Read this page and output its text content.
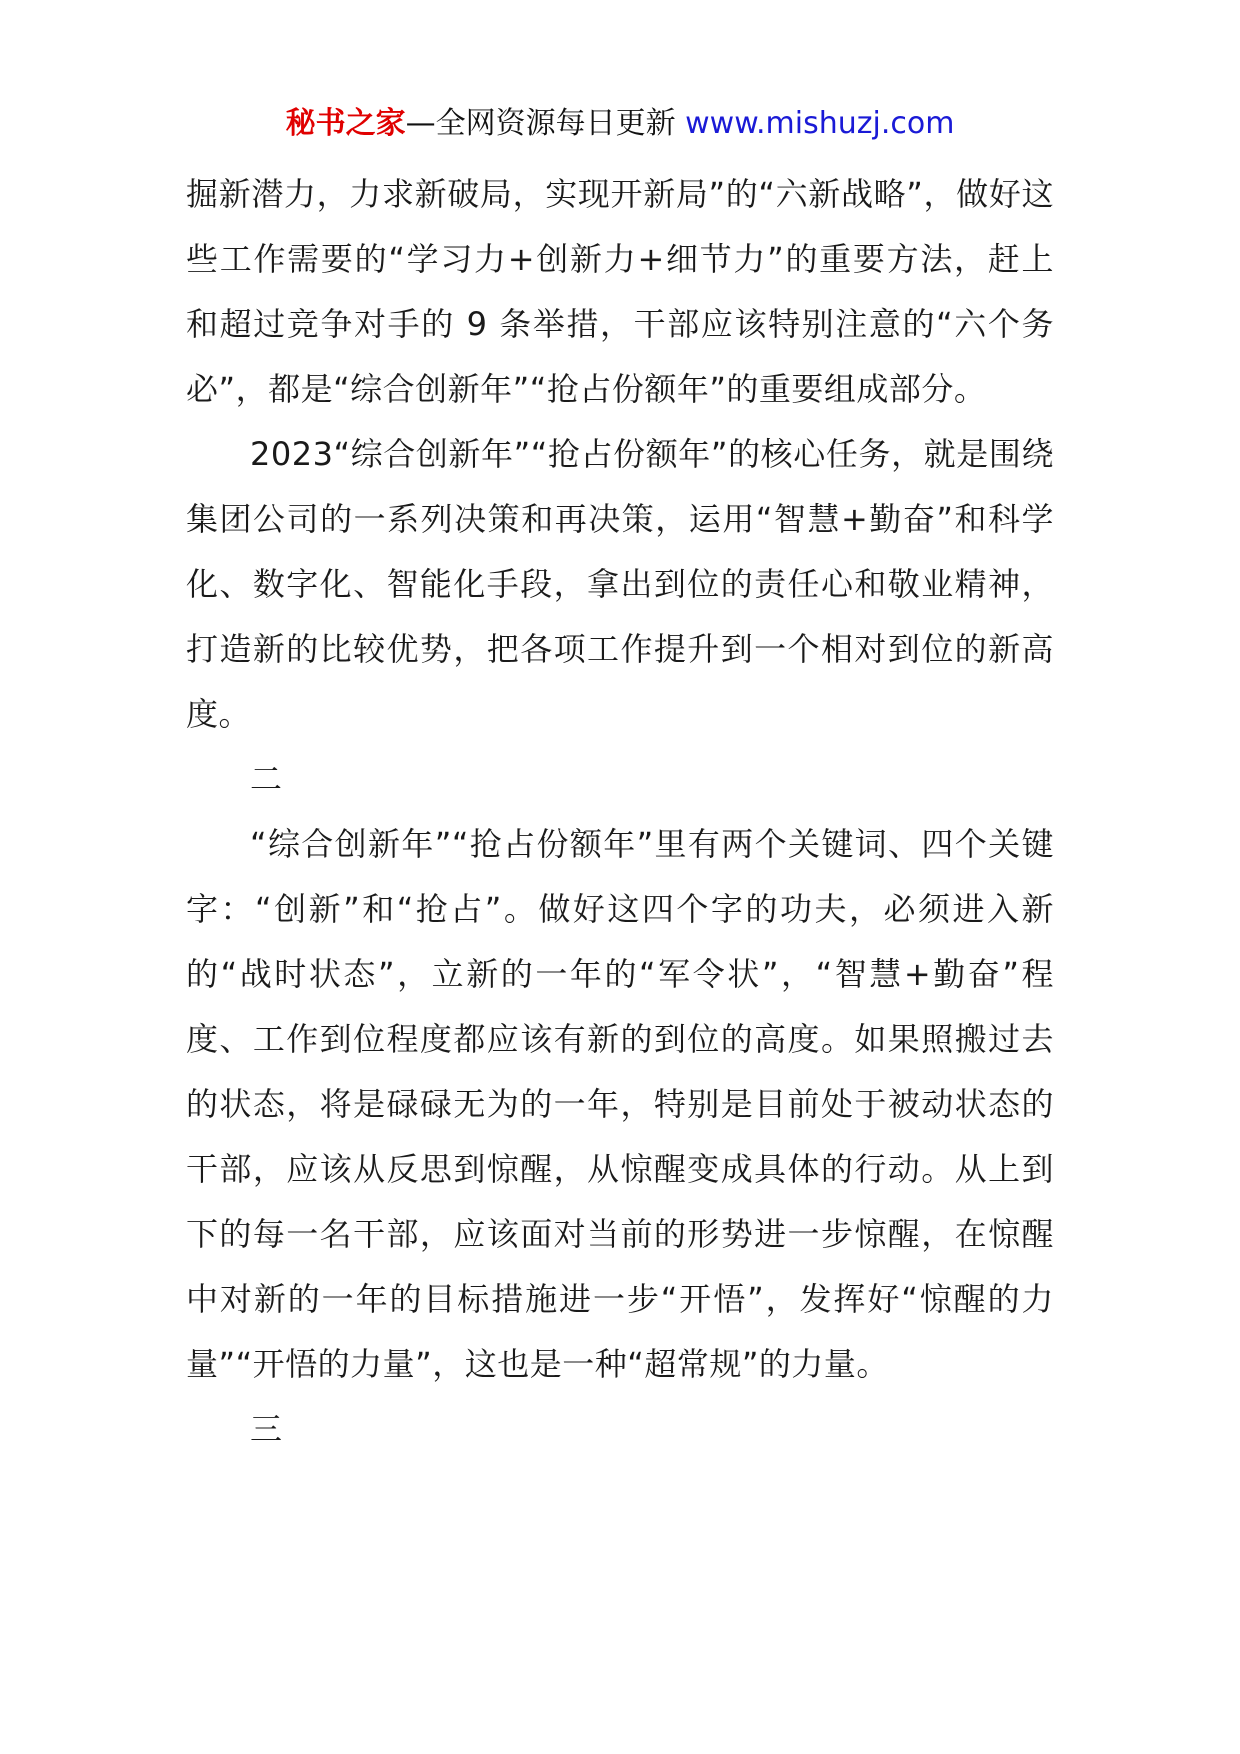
秘书之家—全网资源每日更新 www.mishuzj.com

掘新潜力，力求新破局，实现开新局”的“六新战略”，做好这些工作需要的“学习力+创新力+细节力”的重要方法，赶上和超过竞争对手的 9 条举措，干部应该特别注意的“六个务必”，都是“综合创新年”“抢占份额年”的重要组成部分。

2023“综合创新年”“抢占份额年”的核心任务，就是围绕集团公司的一系列决策和再决策，运用“智慧+勤奋”和科学化、数字化、智能化手段，拿出到位的责任心和敬业精神，打造新的比较优势，把各项工作提升到一个相对到位的新高度。

二

“综合创新年”“抢占份额年”里有两个关键词、四个关键字：“创新”和“抢占”。做好这四个字的功夫，必须进入新的“战时状态”，立新的一年的“军令状”，“智慧+勤奋”程度、工作到位程度都应该有新的到位的高度。如果照搬过去的状态，将是碌碌无为的一年，特别是目前处于被动状态的干部，应该从反思到惊醒，从惊醒变成具体的行动。从上到下的每一名干部，应该面对当前的形势进一步惊醒，在惊醒中对新的一年的目标措施进一步“开悟”，发挥好“惊醒的力量”“开悟的力量”，这也是一种“超常规”的力量。

三
